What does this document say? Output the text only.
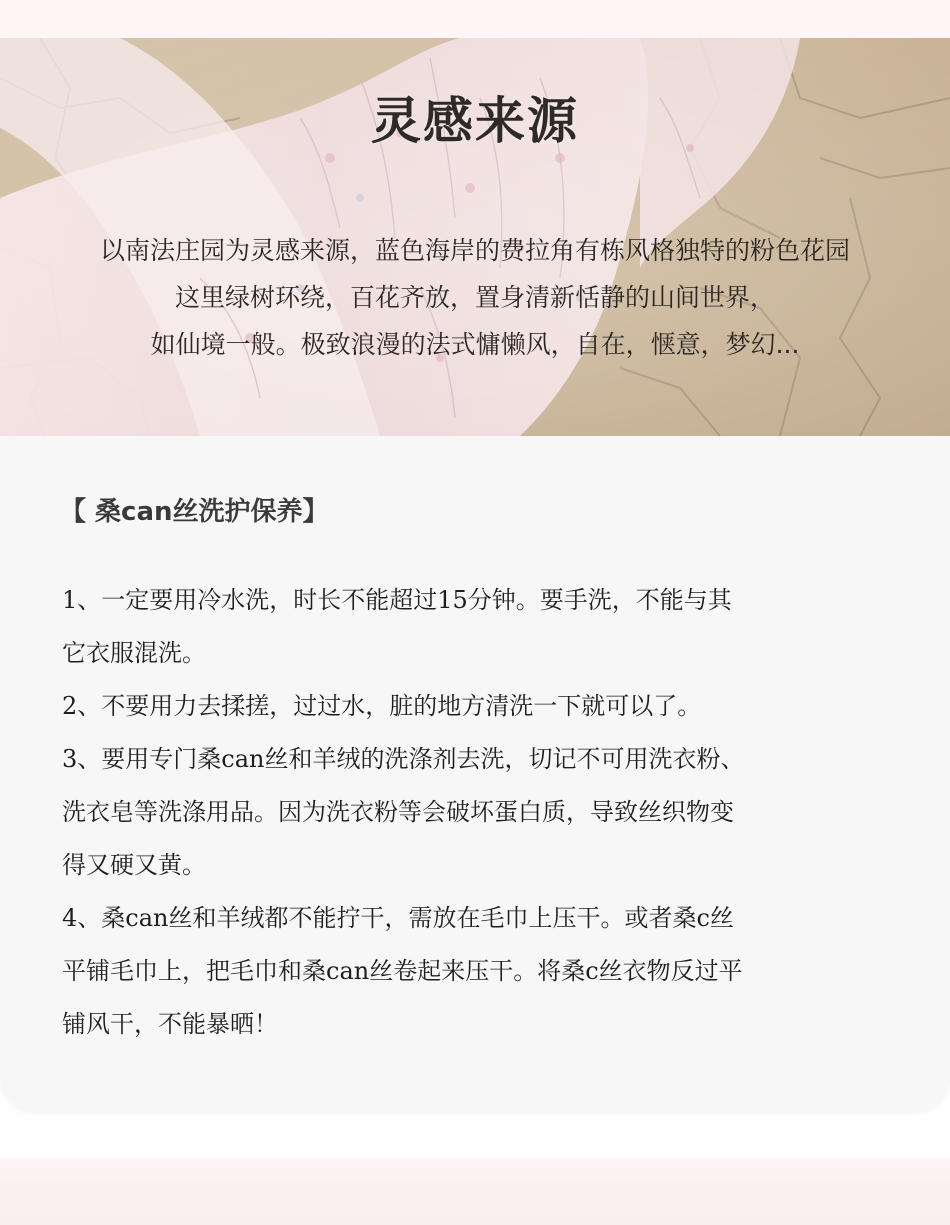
灵感来源
以南法庄园为灵感来源，蓝色海岸的费拉角有栋风格独特的粉色花园
这里绿树环绕，百花齐放，置身清新恬静的山间世界，
如仙境一般。极致浪漫的法式慵懒风，自在，惬意，梦幻...
【 桑can丝洗护保养】
1、一定要用冷水洗，时长不能超过15分钟。要手洗，不能与其
它衣服混洗。
2、不要用力去揉搓，过过水，脏的地方清洗一下就可以了。
3、要用专门桑can丝和羊绒的洗涤剂去洗，切记不可用洗衣粉、
洗衣皂等洗涤用品。因为洗衣粉等会破坏蛋白质，导致丝织物变
得又硬又黄。
4、桑can丝和羊绒都不能拧干，需放在毛巾上压干。或者桑c丝
平铺毛巾上，把毛巾和桑can丝卷起来压干。将桑c丝衣物反过平
铺风干，不能暴晒！
